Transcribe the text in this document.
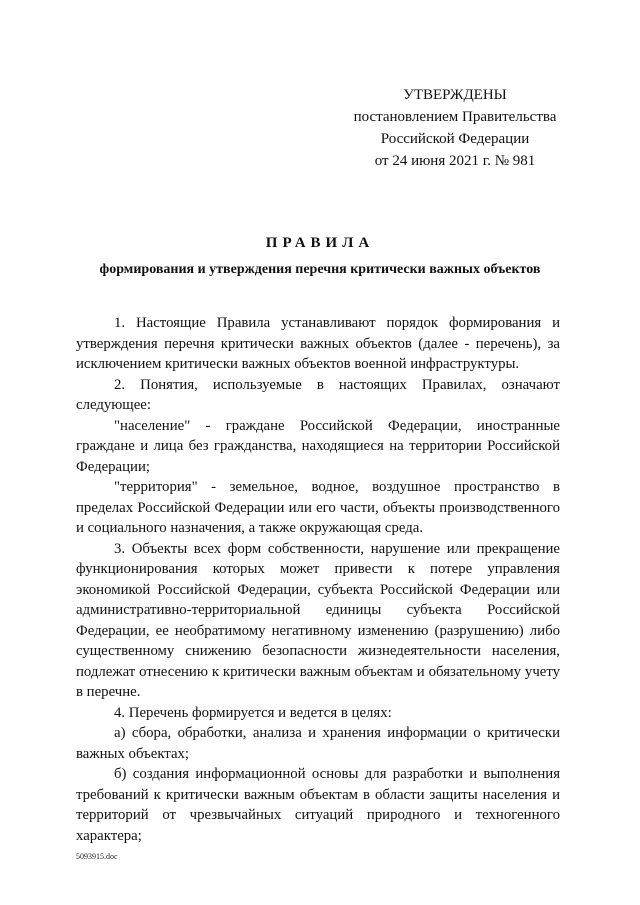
УТВЕРЖДЕНЫ
постановлением Правительства
Российской Федерации
от 24 июня 2021 г. № 981
ПРАВИЛА
формирования и утверждения перечня критически важных объектов

1. Настоящие Правила устанавливают порядок формирования и утверждения перечня критически важных объектов (далее - перечень), за исключением критически важных объектов военной инфраструктуры.

2. Понятия, используемые в настоящих Правилах, означают следующее:

"население" - граждане Российской Федерации, иностранные граждане и лица без гражданства, находящиеся на территории Российской Федерации;

"территория" - земельное, водное, воздушное пространство в пределах Российской Федерации или его части, объекты производственного и социального назначения, а также окружающая среда.

3. Объекты всех форм собственности, нарушение или прекращение функционирования которых может привести к потере управления экономикой Российской Федерации, субъекта Российской Федерации или административно-территориальной единицы субъекта Российской Федерации, ее необратимому негативному изменению (разрушению) либо существенному снижению безопасности жизнедеятельности населения, подлежат отнесению к критически важным объектам и обязательному учету в перечне.

4. Перечень формируется и ведется в целях:

а) сбора, обработки, анализа и хранения информации о критически важных объектах;

б) создания информационной основы для разработки и выполнения требований к критически важным объектам в области защиты населения и территорий от чрезвычайных ситуаций природного и техногенного характера;

5093915.doc
